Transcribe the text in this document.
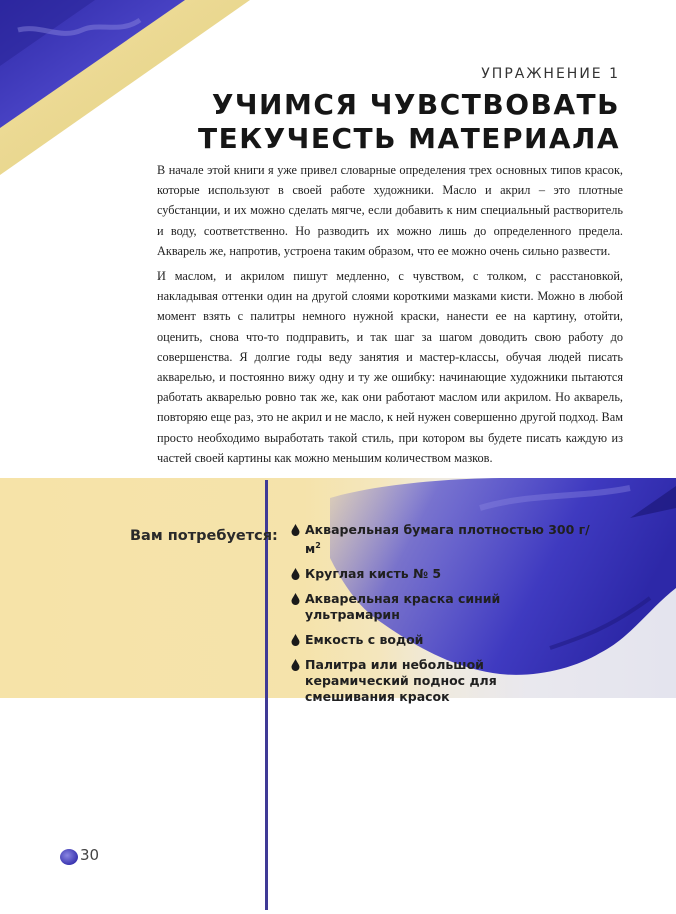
УПРАЖНЕНИЕ 1
УЧИМСЯ ЧУВСТВОВАТЬ
ТЕКУЧЕСТЬ МАТЕРИАЛА

В начале этой книги я уже привел словарные определения трех основных типов красок, которые используют в своей работе художники. Масло и акрил – это плотные субстанции, и их можно сделать мягче, если добавить к ним специальный растворитель и воду, соответственно. Но разводить их можно лишь до определенного предела. Акварель же, напротив, устроена таким образом, что ее можно очень сильно развести.

И маслом, и акрилом пишут медленно, с чувством, с толком, с расстановкой, накладывая оттенки один на другой слоями короткими мазками кисти. Можно в любой момент взять с палитры немного нужной краски, нанести ее на картину, отойти, оценить, снова что-то подправить, и так шаг за шагом доводить свою работу до совершенства. Я долгие годы веду занятия и мастер-классы, обучая людей писать акварелью, и постоянно вижу одну и ту же ошибку: начинающие художники пытаются работать акварелью ровно так же, как они работают маслом или акрилом. Но акварель, повторяю еще раз, это не акрил и не масло, к ней нужен совершенно другой подход. Вам просто необходимо выработать такой стиль, при котором вы будете писать каждую из частей своей картины как можно меньшим количеством мазков.

Вам потребуется:	Акварельная бумага плотностью 300 $г/м^2$
Круглая кисть № 5
Акварельная краска синий ультрамарин
Емкость с водой
Палитра или небольшой керамический поднос для смешивания красок
30
